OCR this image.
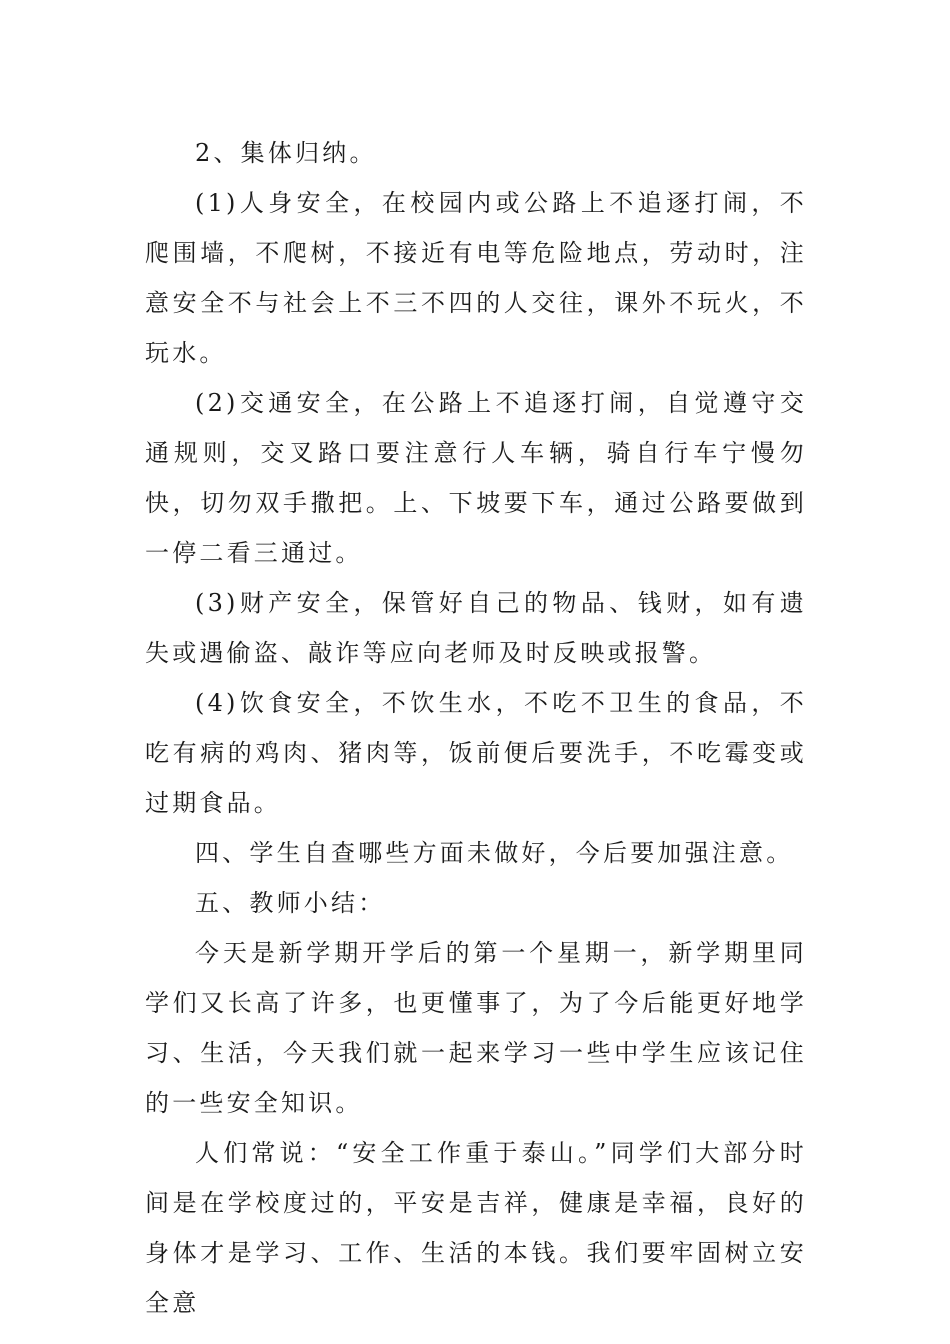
2、集体归纳。

(1)人身安全，在校园内或公路上不追逐打闹，不爬围墙，不爬树，不接近有电等危险地点，劳动时，注意安全不与社会上不三不四的人交往，课外不玩火，不玩水。

(2)交通安全，在公路上不追逐打闹，自觉遵守交通规则，交叉路口要注意行人车辆，骑自行车宁慢勿快，切勿双手撒把。上、下坡要下车，通过公路要做到一停二看三通过。

(3)财产安全，保管好自己的物品、钱财，如有遗失或遇偷盗、敲诈等应向老师及时反映或报警。

(4)饮食安全，不饮生水，不吃不卫生的食品，不吃有病的鸡肉、猪肉等，饭前便后要洗手，不吃霉变或过期食品。

四、学生自查哪些方面未做好，今后要加强注意。

五、教师小结：

今天是新学期开学后的第一个星期一，新学期里同学们又长高了许多，也更懂事了，为了今后能更好地学习、生活，今天我们就一起来学习一些中学生应该记住的一些安全知识。

人们常说：“安全工作重于泰山。”同学们大部分时间是在学校度过的，平安是吉祥，健康是幸福，良好的身体才是学习、工作、生活的本钱。我们要牢固树立安全意
